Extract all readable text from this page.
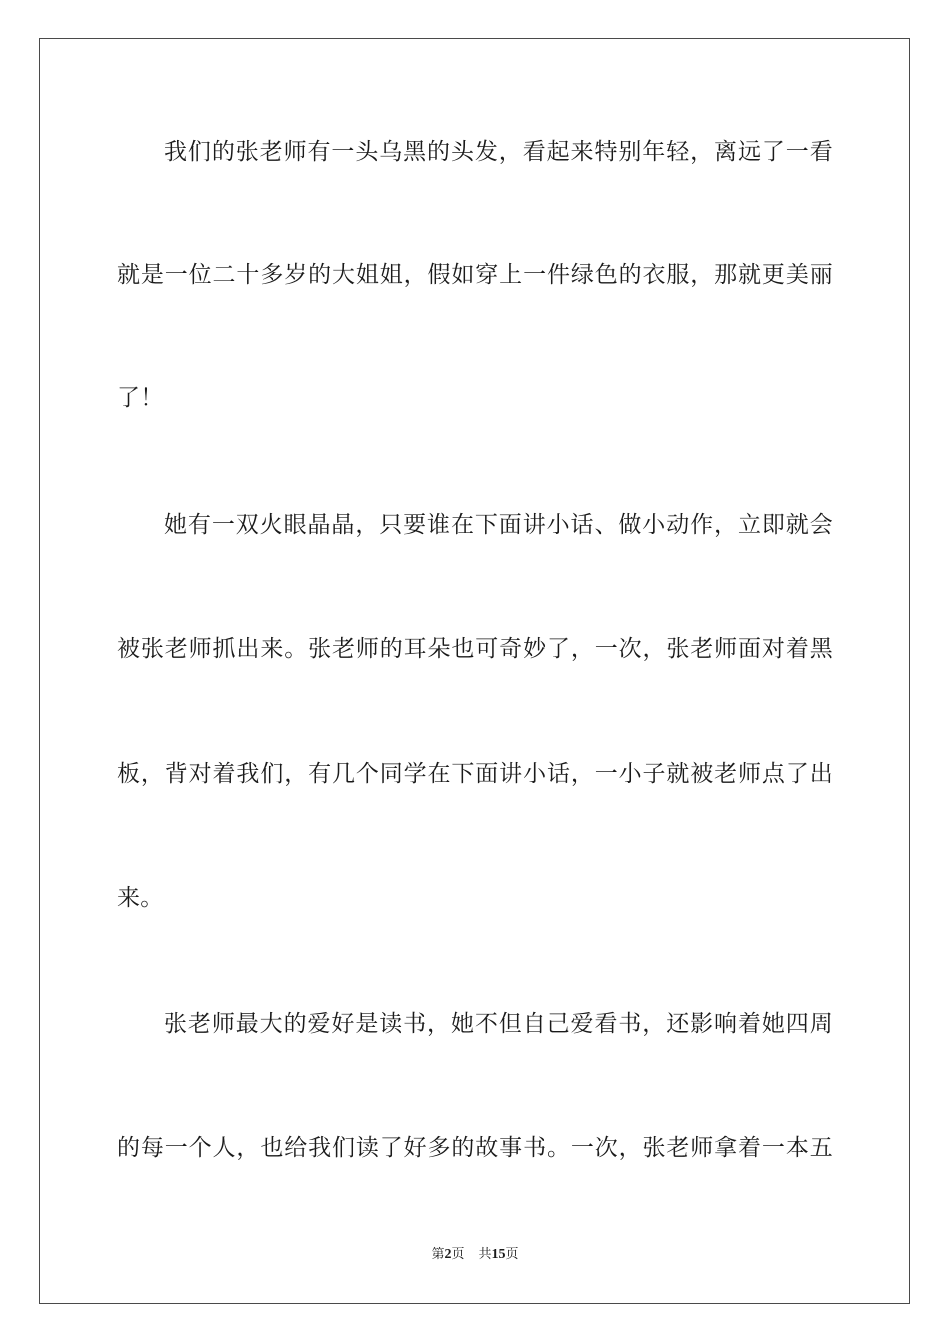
我们的张老师有一头乌黑的头发，看起来特别年轻，离远了一看
就是一位二十多岁的大姐姐，假如穿上一件绿色的衣服，那就更美丽
了！
她有一双火眼晶晶，只要谁在下面讲小话、做小动作，立即就会
被张老师抓出来。张老师的耳朵也可奇妙了，一次，张老师面对着黑
板，背对着我们，有几个同学在下面讲小话，一小子就被老师点了出
来。
张老师最大的爱好是读书，她不但自己爱看书，还影响着她四周
的每一个人，也给我们读了好多的故事书。一次，张老师拿着一本五
第2页 共15页
